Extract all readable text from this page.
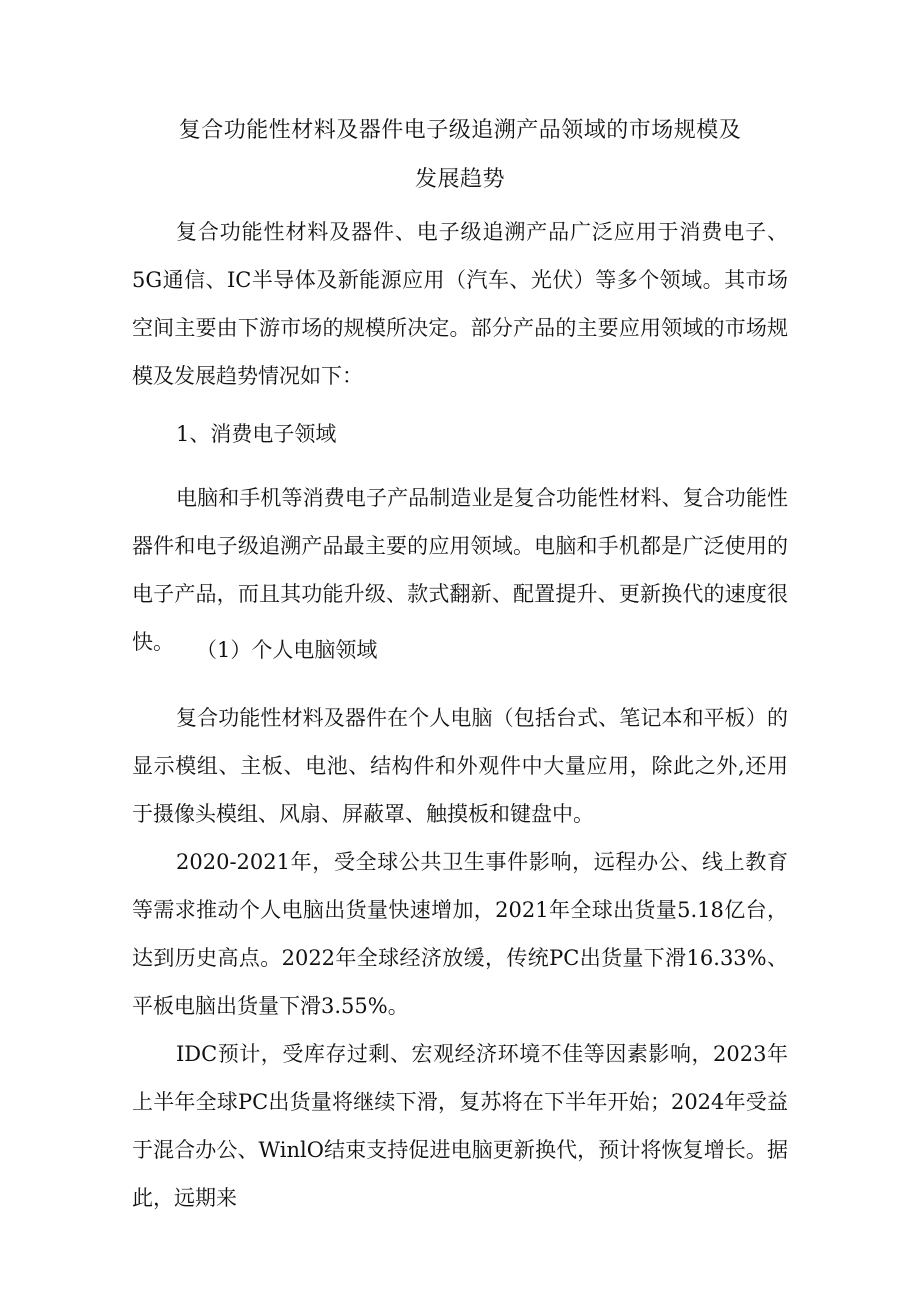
复合功能性材料及器件电子级追溯产品领域的市场规模及
发展趋势

复合功能性材料及器件、电子级追溯产品广泛应用于消费电子、5G通信、IC半导体及新能源应用（汽车、光伏）等多个领域。其市场空间主要由下游市场的规模所决定。部分产品的主要应用领域的市场规模及发展趋势情况如下：

1、消费电子领域

电脑和手机等消费电子产品制造业是复合功能性材料、复合功能性器件和电子级追溯产品最主要的应用领域。电脑和手机都是广泛使用的电子产品，而且其功能升级、款式翻新、配置提升、更新换代的速度很快。	（1）个人电脑领域

复合功能性材料及器件在个人电脑（包括台式、笔记本和平板）的显示模组、主板、电池、结构件和外观件中大量应用，除此之外,还用于摄像头模组、风扇、屏蔽罩、触摸板和键盘中。

2020-2021年，受全球公共卫生事件影响，远程办公、线上教育等需求推动个人电脑出货量快速增加，2021年全球出货量5.18亿台，达到历史高点。2022年全球经济放缓，传统PC出货量下滑16.33%、平板电脑出货量下滑3.55%。

IDC预计，受库存过剩、宏观经济环境不佳等因素影响，2023年上半年全球PC出货量将继续下滑，复苏将在下半年开始；2024年受益于混合办公、WinlO结束支持促进电脑更新换代，预计将恢复增长。据此，远期来
